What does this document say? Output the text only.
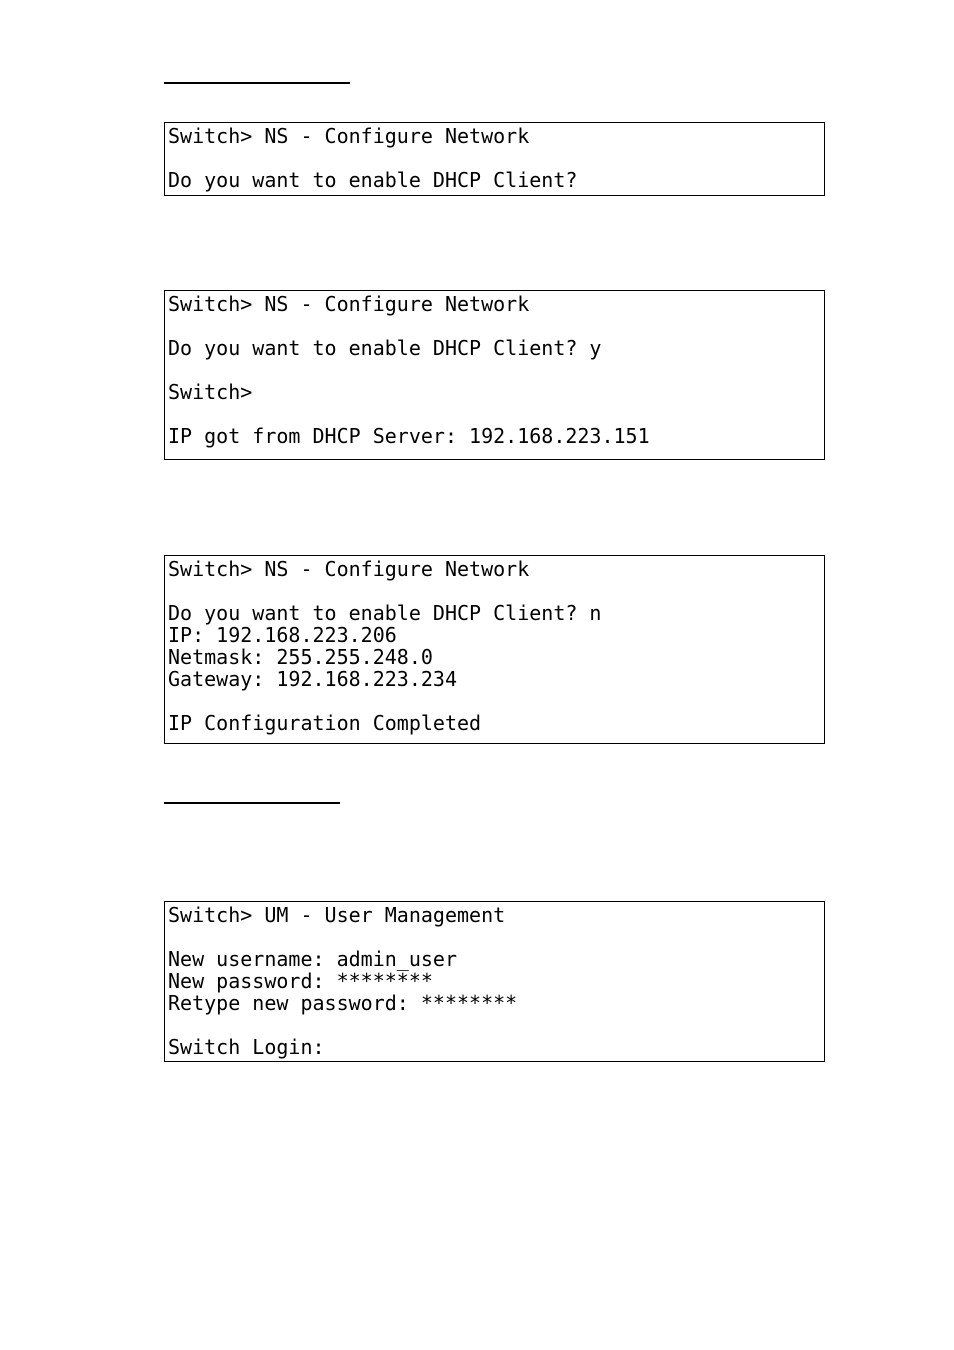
Switch> NS - Configure Network
Do you want to enable DHCP Client?
Switch> NS - Configure Network
Do you want to enable DHCP Client? y
Switch>
IP got from DHCP Server: 192.168.223.151
Switch> NS - Configure Network
Do you want to enable DHCP Client? n
IP: 192.168.223.206
Netmask: 255.255.248.0
Gateway: 192.168.223.234
IP Configuration Completed
Switch> UM - User Management
New username: admin_user
New password: ********
Retype new password: ********
Switch Login:
